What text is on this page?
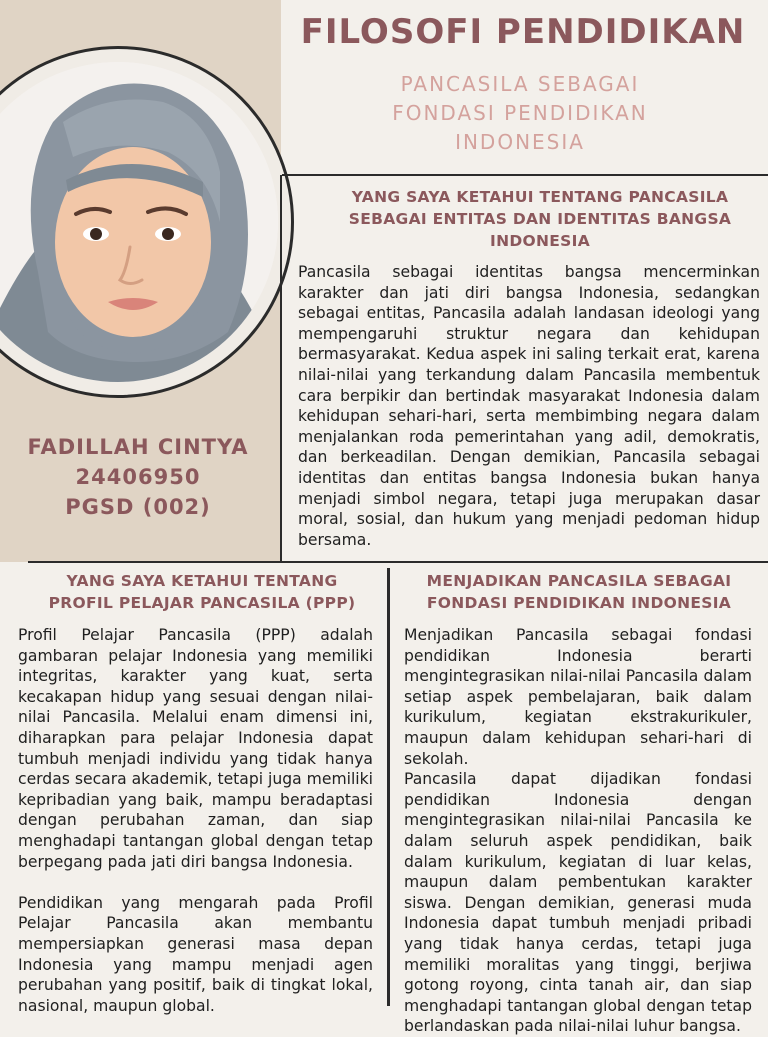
FILOSOFI PENDIDIKAN
PANCASILA SEBAGAI
FONDASI PENDIDIKAN
INDONESIA
FADILLAH CINTYA
24406950
PGSD (002)
YANG SAYA KETAHUI TENTANG PANCASILA
SEBAGAI ENTITAS DAN IDENTITAS BANGSA
INDONESIA

Pancasila sebagai identitas bangsa mencerminkan karakter dan jati diri bangsa Indonesia, sedangkan sebagai entitas, Pancasila adalah landasan ideologi yang mempengaruhi struktur negara dan kehidupan bermasyarakat. Kedua aspek ini saling terkait erat, karena nilai-nilai yang terkandung dalam Pancasila membentuk cara berpikir dan bertindak masyarakat Indonesia dalam kehidupan sehari-hari, serta membimbing negara dalam menjalankan roda pemerintahan yang adil, demokratis, dan berkeadilan. Dengan demikian, Pancasila sebagai identitas dan entitas bangsa Indonesia bukan hanya menjadi simbol negara, tetapi juga merupakan dasar moral, sosial, dan hukum yang menjadi pedoman hidup bersama.

YANG SAYA KETAHUI TENTANG
PROFIL PELAJAR PANCASILA (PPP)

Profil Pelajar Pancasila (PPP) adalah gambaran pelajar Indonesia yang memiliki integritas, karakter yang kuat, serta kecakapan hidup yang sesuai dengan nilai-nilai Pancasila. Melalui enam dimensi ini, diharapkan para pelajar Indonesia dapat tumbuh menjadi individu yang tidak hanya cerdas secara akademik, tetapi juga memiliki kepribadian yang baik, mampu beradaptasi dengan perubahan zaman, dan siap menghadapi tantangan global dengan tetap berpegang pada jati diri bangsa Indonesia.

Pendidikan yang mengarah pada Profil Pelajar Pancasila akan membantu mempersiapkan generasi masa depan Indonesia yang mampu menjadi agen perubahan yang positif, baik di tingkat lokal, nasional, maupun global.

MENJADIKAN PANCASILA SEBAGAI
FONDASI PENDIDIKAN INDONESIA

Menjadikan Pancasila sebagai fondasi pendidikan Indonesia berarti mengintegrasikan nilai-nilai Pancasila dalam setiap aspek pembelajaran, baik dalam kurikulum, kegiatan ekstrakurikuler, maupun dalam kehidupan sehari-hari di sekolah.

Pancasila dapat dijadikan fondasi pendidikan Indonesia dengan mengintegrasikan nilai-nilai Pancasila ke dalam seluruh aspek pendidikan, baik dalam kurikulum, kegiatan di luar kelas, maupun dalam pembentukan karakter siswa. Dengan demikian, generasi muda Indonesia dapat tumbuh menjadi pribadi yang tidak hanya cerdas, tetapi juga memiliki moralitas yang tinggi, berjiwa gotong royong, cinta tanah air, dan siap menghadapi tantangan global dengan tetap berlandaskan pada nilai-nilai luhur bangsa.
